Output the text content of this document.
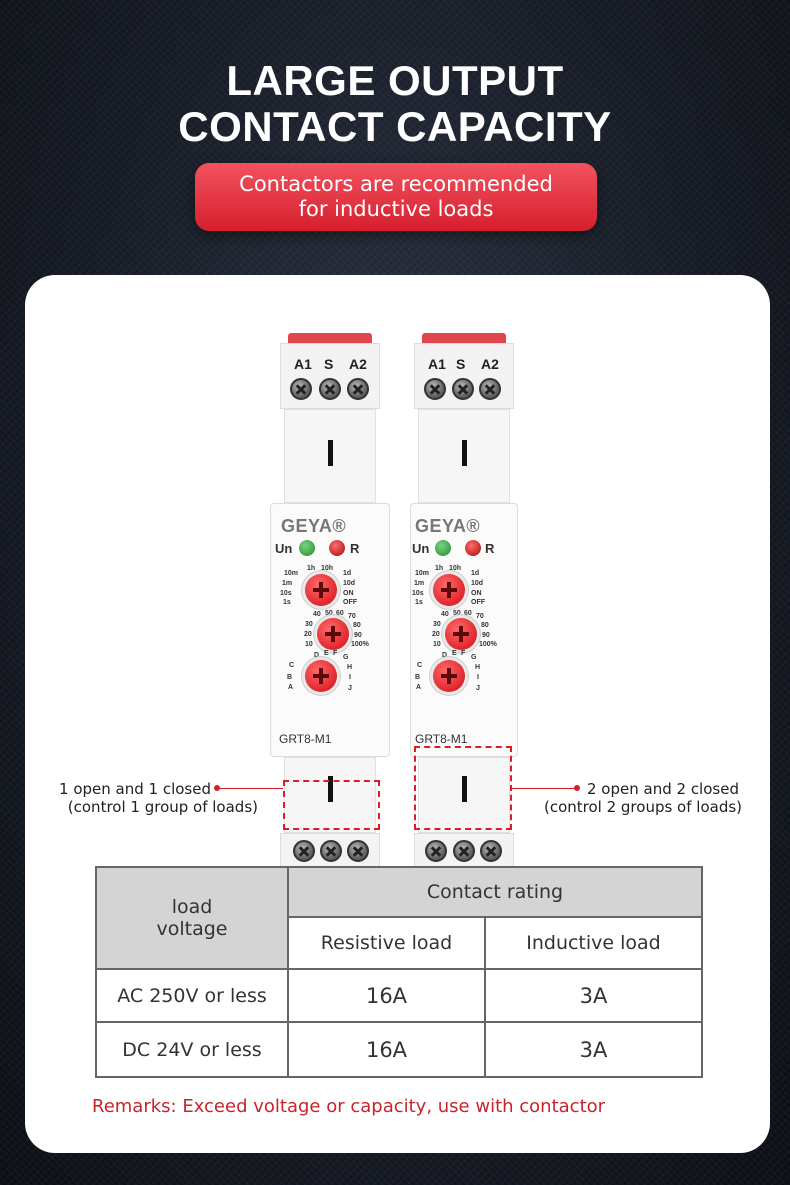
LARGE OUTPUT
CONTACT CAPACITY
Contactors are recommended
for inductive loads
A1 S A2
GEYA®
Un	R
1h 10h
10m	1d
1m	10d
10s	ON
1s	OFF
40 50 60 70
30	80
20	90
10	100%
D E F
G
C	H
B	I
A	J
GRT8-M1
A1 S A2
GEYA®
Un	R
1h 10h
10m	1d
1m	10d
10s	ON
1s	OFF
40 50 60 70
30	80
20	90
10	100%
D E F
G
C	H
B	I
A	J
GRT8-M1
1 open and 1 closed
(control 1 group of loads)
2 open and 2 closed
(control 2 groups of loads)
load
voltage	Contact rating	
	Resistive load	Inductive load
AC 250V or less	16A	3A
DC 24V or less	16A	3A
Remarks: Exceed voltage or capacity, use with contactor
